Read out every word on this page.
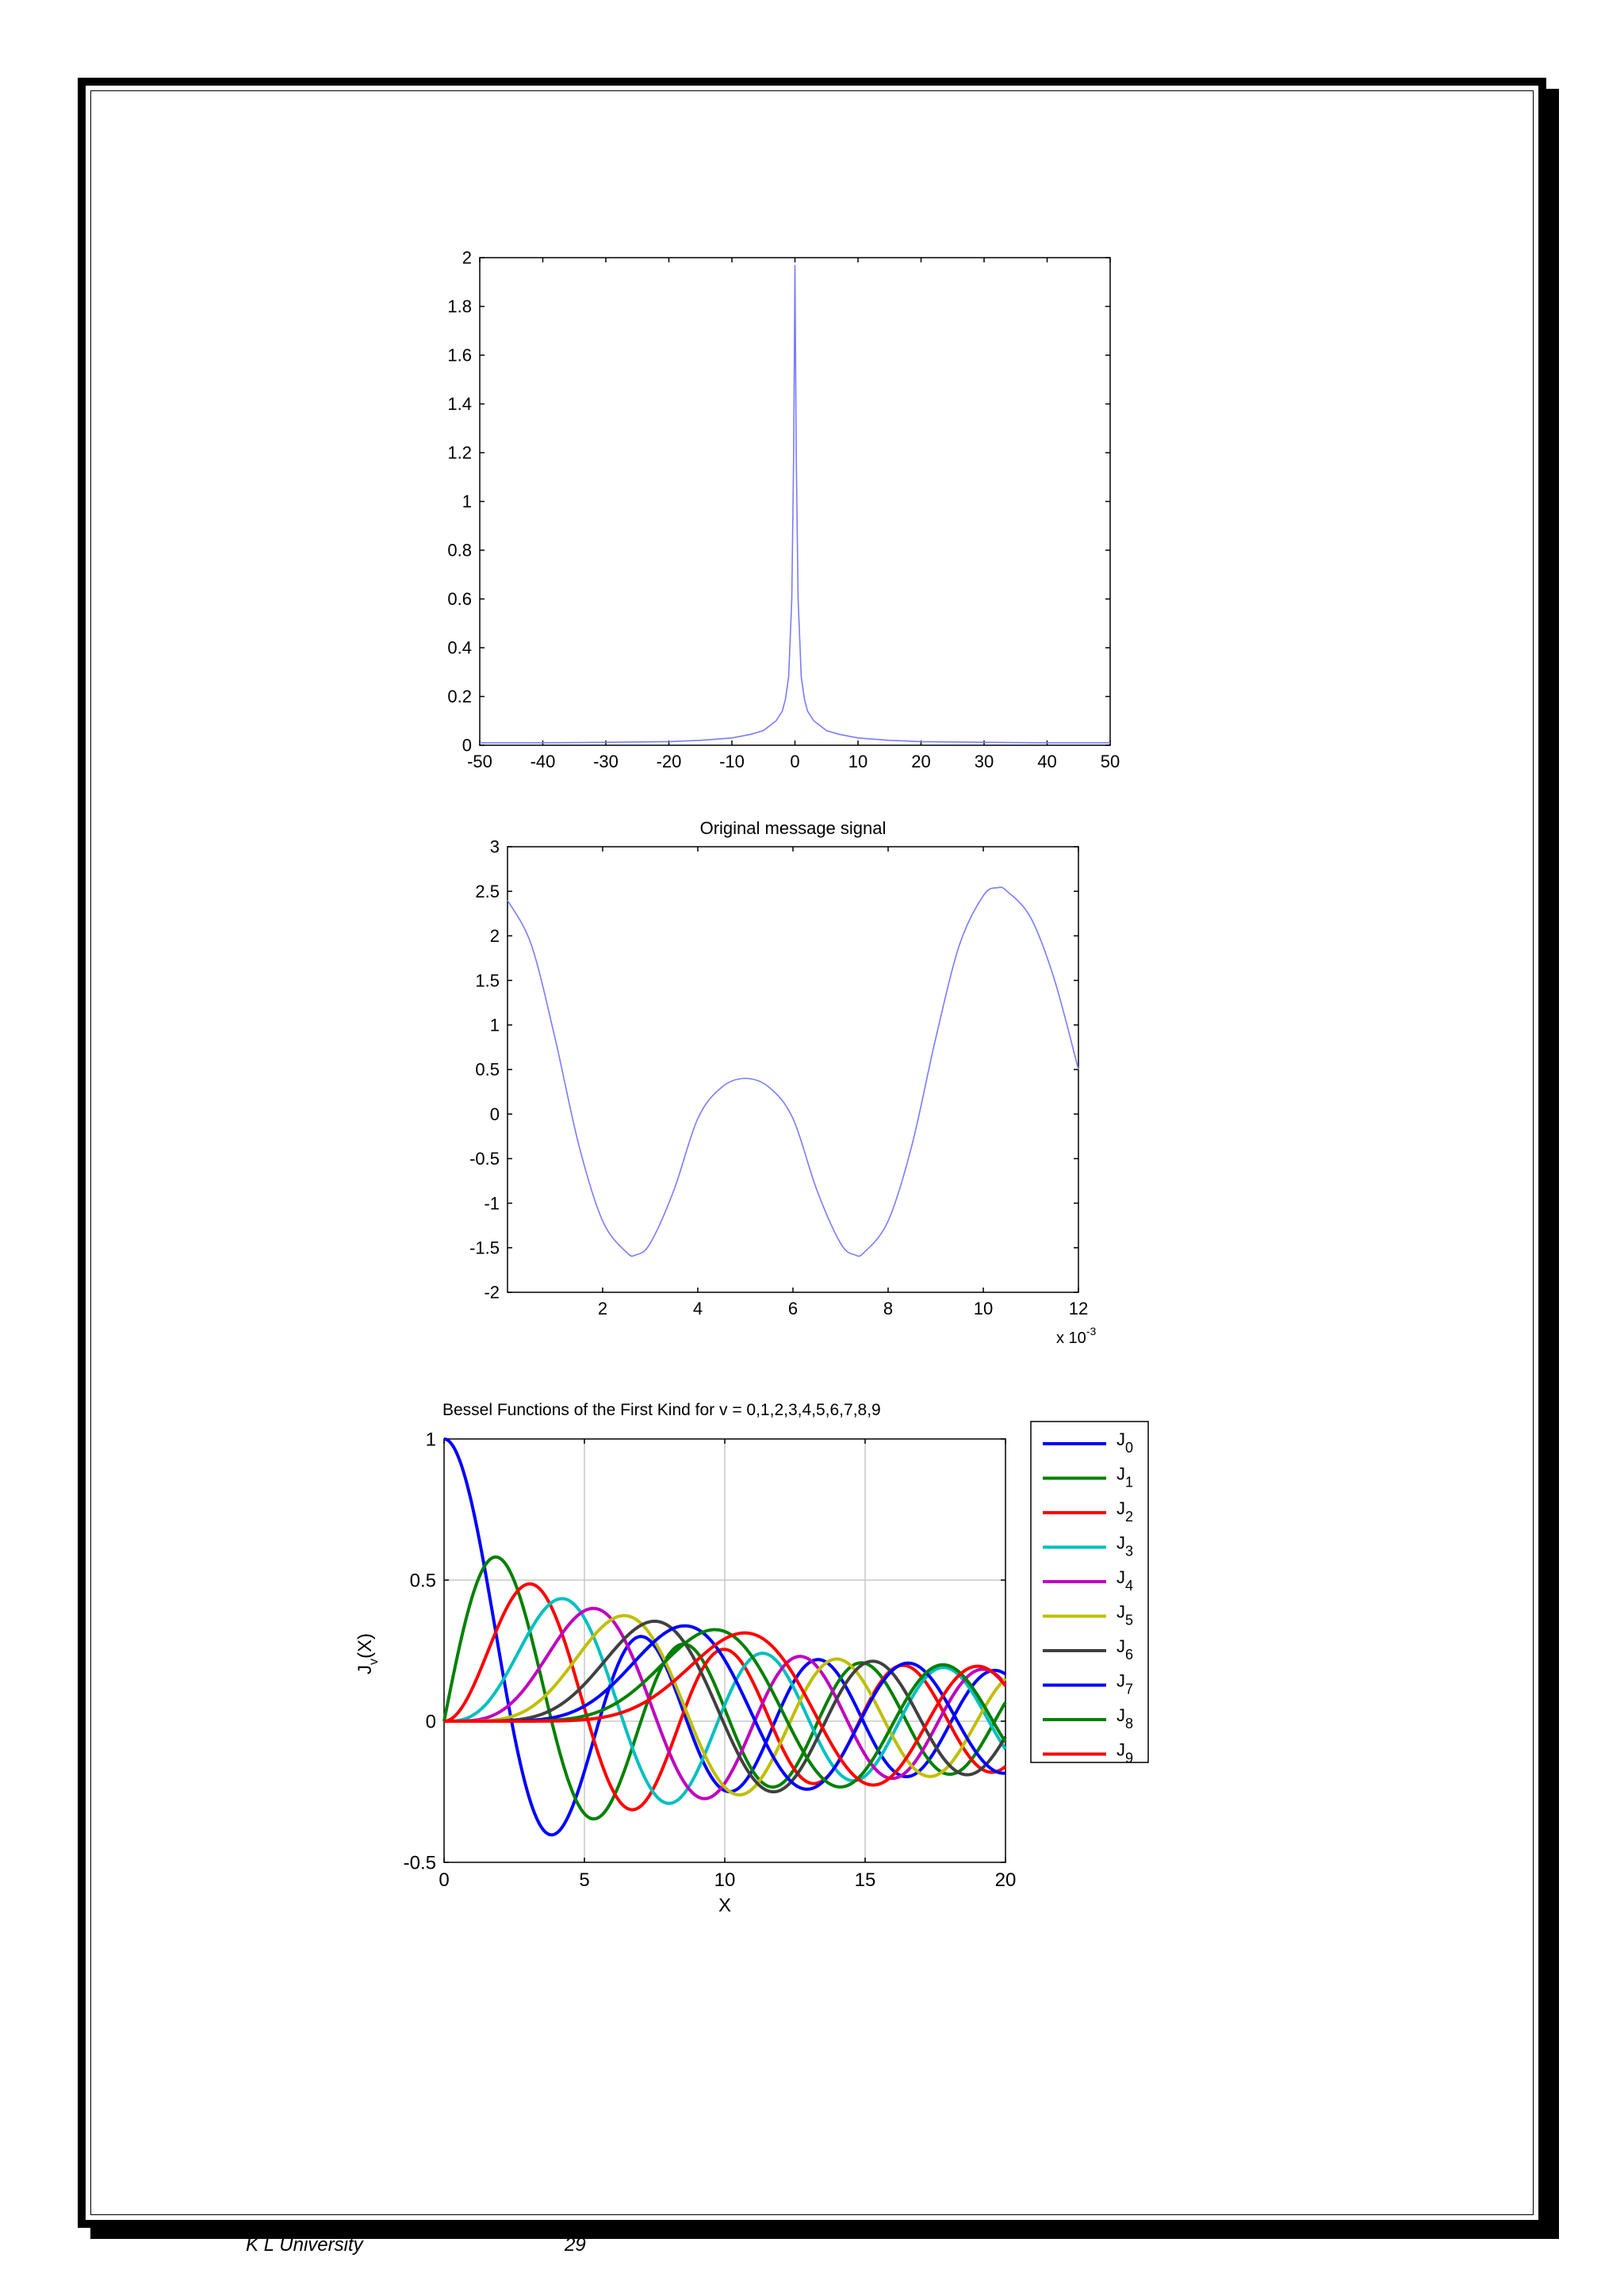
-50 -40 -30 -20 -10	0	10	20	30	40	50
0
0.2
0.4
0.6
0.8
1
1.2
1.4
1.6
1.8
2
2	4	6	8	10	12
-2
-1.5
-1
-0.5
0
0.5
1
1.5
2
2.5
3
Original message signal
x $10^{-3}$
0	5	10	15	20
-0.5
0
0.5
1
Bessel Functions of the First Kind for v = 0,1,2,3,4,5,6,7,8,9
X
$J_v(X)$
$J_0$
$J_1$
$J_2$
$J_3$
$J_4$
$J_5$
$J_6$
$J_7$
$J_8$
$J_9$
K L University	29
